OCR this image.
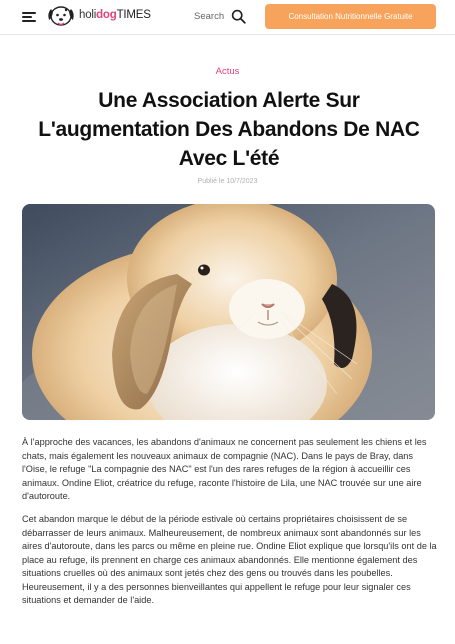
holidogTIMES	Search	Consultation Nutritionnelle Gratuite
Actus
Une Association Alerte Sur L'augmentation Des Abandons De NAC Avec L'été
Publié le 10/7/2023

À l'approche des vacances, les abandons d'animaux ne concernent pas seulement les chiens et les chats, mais également les nouveaux animaux de compagnie (NAC). Dans le pays de Bray, dans l'Oise, le refuge "La compagnie des NAC" est l'un des rares refuges de la région à accueillir ces animaux. Ondine Eliot, créatrice du refuge, raconte l'histoire de Lila, une NAC trouvée sur une aire d'autoroute.

Cet abandon marque le début de la période estivale où certains propriétaires choisissent de se débarrasser de leurs animaux. Malheureusement, de nombreux animaux sont abandonnés sur les aires d'autoroute, dans les parcs ou même en pleine rue. Ondine Eliot explique que lorsqu'ils ont de la place au refuge, ils prennent en charge ces animaux abandonnés. Elle mentionne également des situations cruelles où des animaux sont jetés chez des gens ou trouvés dans les poubelles. Heureusement, il y a des personnes bienveillantes qui appellent le refuge pour leur signaler ces situations et demander de l'aide.
